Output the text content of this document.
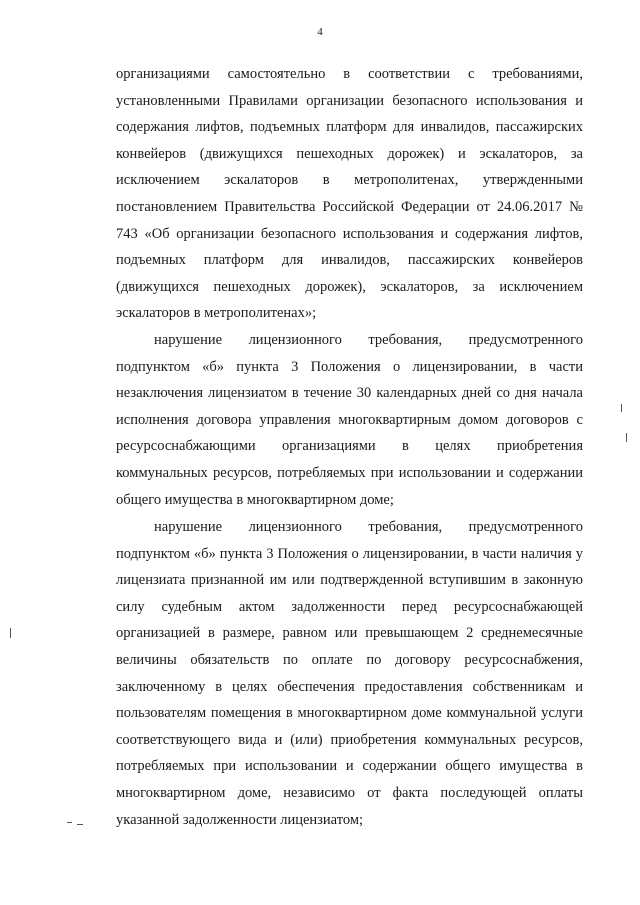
4

организациями самостоятельно в соответствии с требованиями, установленными Правилами организации безопасного использования и содержания лифтов, подъемных платформ для инвалидов, пассажирских конвейеров (движущихся пешеходных дорожек) и эскалаторов, за исключением эскалаторов в метрополитенах, утвержденными постановлением Правительства Российской Федерации от 24.06.2017 № 743 «Об организации безопасного использования и содержания лифтов, подъемных платформ для инвалидов, пассажирских конвейеров (движущихся пешеходных дорожек), эскалаторов, за исключением эскалаторов в метрополитенах»;

нарушение лицензионного требования, предусмотренного подпунктом «б» пункта 3 Положения о лицензировании, в части незаключения лицензиатом в течение 30 календарных дней со дня начала исполнения договора управления многоквартирным домом договоров с ресурсоснабжающими организациями в целях приобретения коммунальных ресурсов, потребляемых при использовании и содержании общего имущества в многоквартирном доме;

нарушение лицензионного требования, предусмотренного подпунктом «б» пункта 3 Положения о лицензировании, в части наличия у лицензиата признанной им или подтвержденной вступившим в законную силу судебным актом задолженности перед ресурсоснабжающей организацией в размере, равном или превышающем 2 среднемесячные величины обязательств по оплате по договору ресурсоснабжения, заключенному в целях обеспечения предоставления собственникам и пользователям помещения в многоквартирном доме коммунальной услуги соответствующего вида и (или) приобретения коммунальных ресурсов, потребляемых при использовании и содержании общего имущества в многоквартирном доме, независимо от факта последующей оплаты указанной задолженности лицензиатом;
